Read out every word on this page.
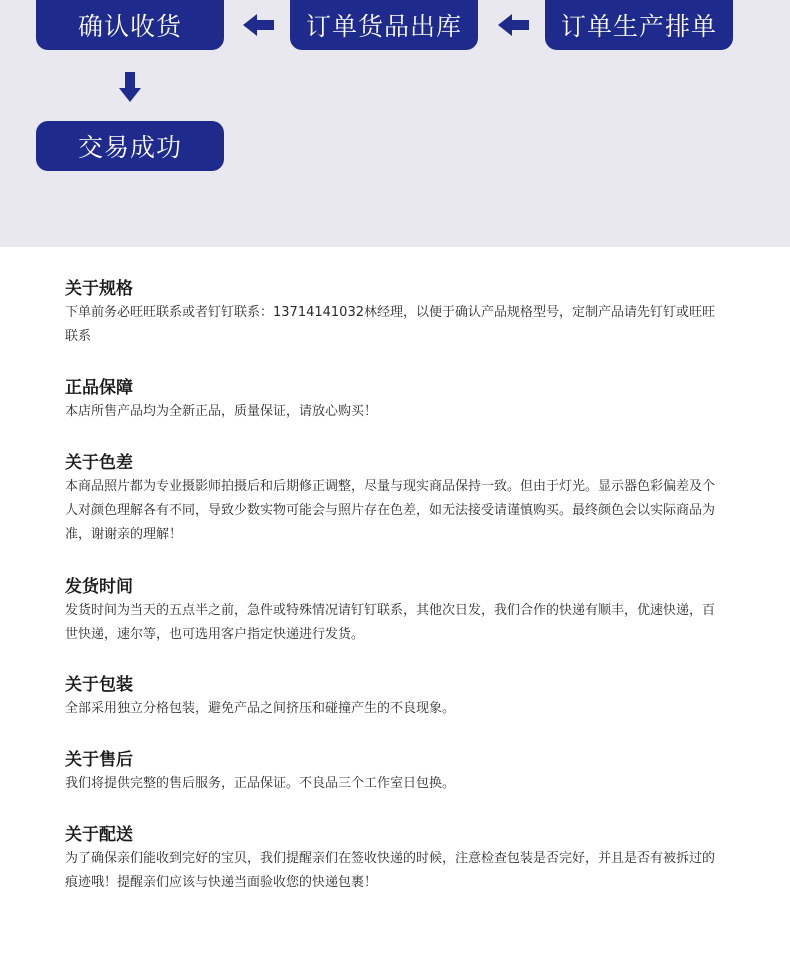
确认收货	订单货品出库	订单生产排单
交易成功
关于规格

下单前务必旺旺联系或者钉钉联系：13714141032林经理，以便于确认产品规格型号，定制产品请先钉钉或旺旺联系

正品保障

本店所售产品均为全新正品，质量保证，请放心购买！

关于色差

本商品照片都为专业摄影师拍摄后和后期修正调整，尽量与现实商品保持一致。但由于灯光。显示器色彩偏差及个人对颜色理解各有不同，导致少数实物可能会与照片存在色差，如无法接受请谨慎购买。最终颜色会以实际商品为准，谢谢亲的理解！

发货时间

发货时间为当天的五点半之前，急件或特殊情况请钉钉联系，其他次日发，我们合作的快递有顺丰，优速快递，百世快递，速尔等，也可选用客户指定快递进行发货。

关于包装

全部采用独立分格包装，避免产品之间挤压和碰撞产生的不良现象。

关于售后

我们将提供完整的售后服务，正品保证。不良品三个工作室日包换。

关于配送

为了确保亲们能收到完好的宝贝，我们提醒亲们在签收快递的时候，注意检查包装是否完好，并且是否有被拆过的痕迹哦！提醒亲们应该与快递当面验收您的快递包裹！
